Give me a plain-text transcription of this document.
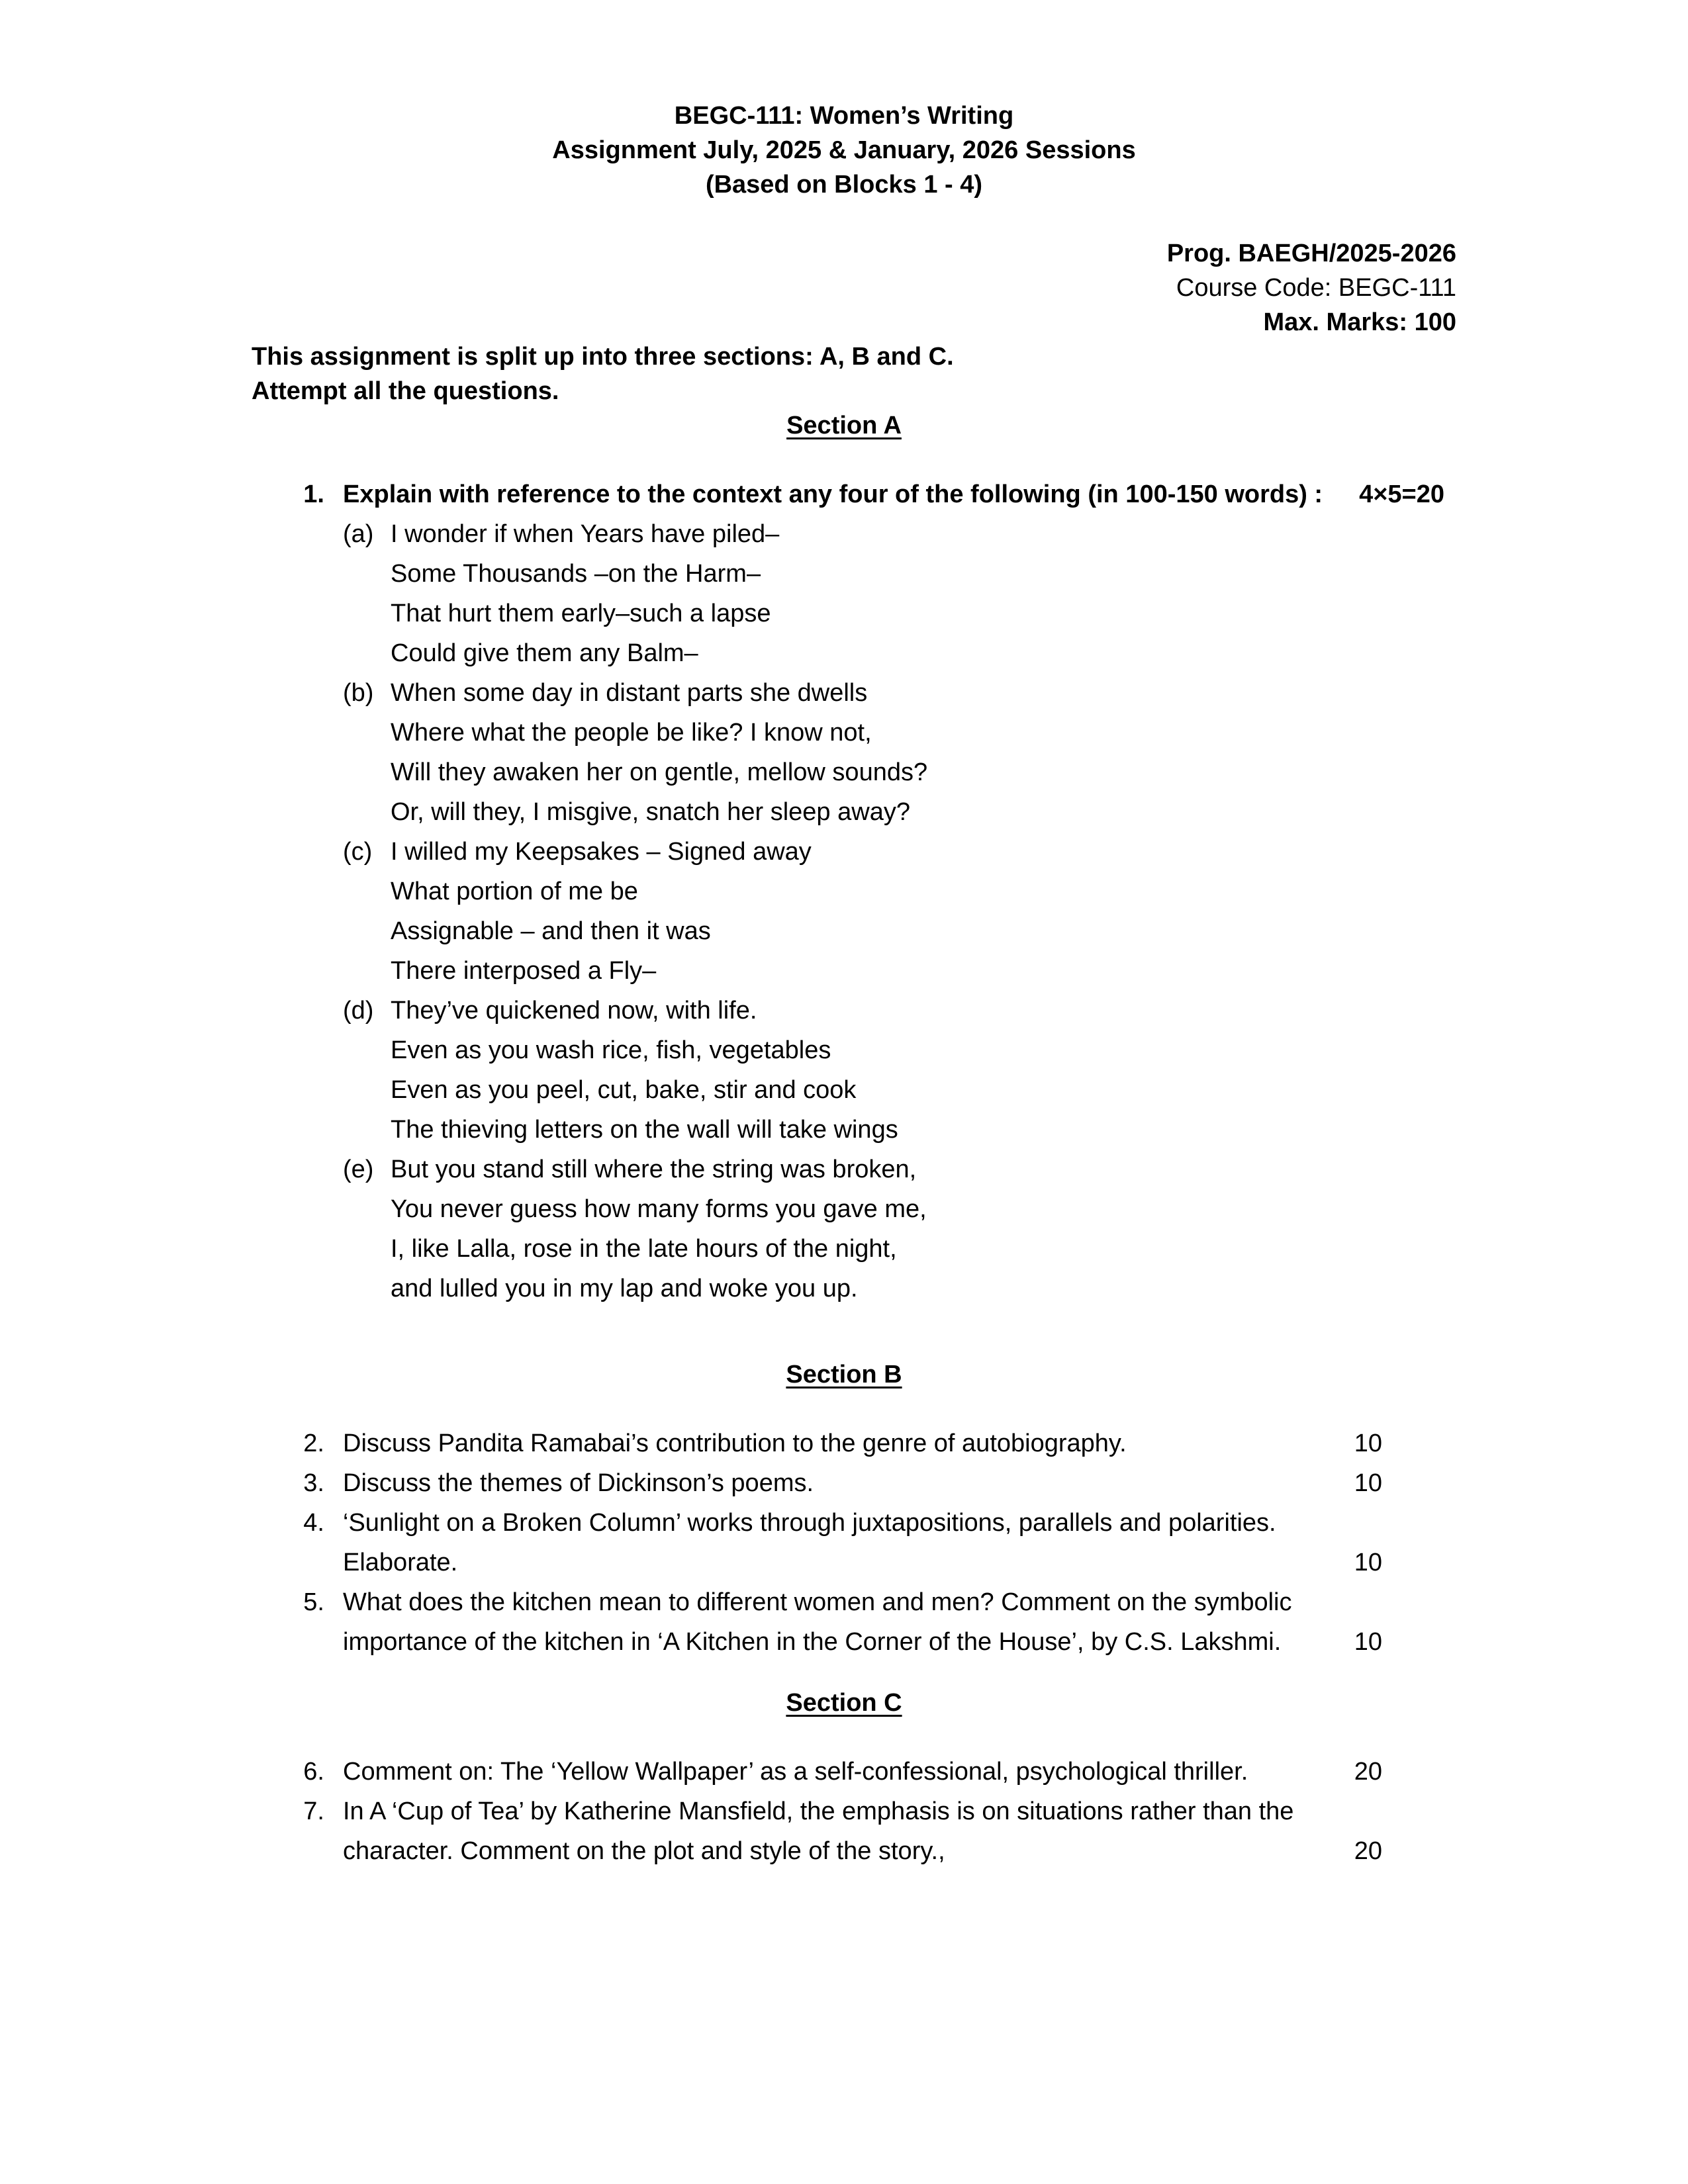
BEGC-111: Women’s Writing
Assignment July, 2025 & January, 2026 Sessions
(Based on Blocks 1 - 4)
Prog. BAEGH/2025-2026
Course Code: BEGC-111
Max. Marks: 100
This assignment is split up into three sections: A, B and C.
Attempt all the questions.
Section A
1. Explain with reference to the context any four of the following (in 100-150 words) : 4×5=20
(a) I wonder if when Years have piled–
Some Thousands –on the Harm–
That hurt them early–such a lapse
Could give them any Balm–
(b) When some day in distant parts she dwells
Where what the people be like? I know not,
Will they awaken her on gentle, mellow sounds?
Or, will they, I misgive, snatch her sleep away?
(c) I willed my Keepsakes – Signed away
What portion of me be
Assignable – and then it was
There interposed a Fly–
(d) They’ve quickened now, with life.
Even as you wash rice, fish, vegetables
Even as you peel, cut, bake, stir and cook
The thieving letters on the wall will take wings
(e) But you stand still where the string was broken,
You never guess how many forms you gave me,
I, like Lalla, rose in the late hours of the night,
and lulled you in my lap and woke you up.
Section B
2. Discuss Pandita Ramabai’s contribution to the genre of autobiography.	10
3. Discuss the themes of Dickinson’s poems.	10
4. ‘Sunlight on a Broken Column’ works through juxtapositions, parallels and polarities.
Elaborate.	10
5. What does the kitchen mean to different women and men? Comment on the symbolic
importance of the kitchen in ‘A Kitchen in the Corner of the House’, by C.S. Lakshmi.	10
Section C
6. Comment on: The ‘Yellow Wallpaper’ as a self-confessional, psychological thriller.	20
7. In A ‘Cup of Tea’ by Katherine Mansfield, the emphasis is on situations rather than the
character. Comment on the plot and style of the story.,	20
